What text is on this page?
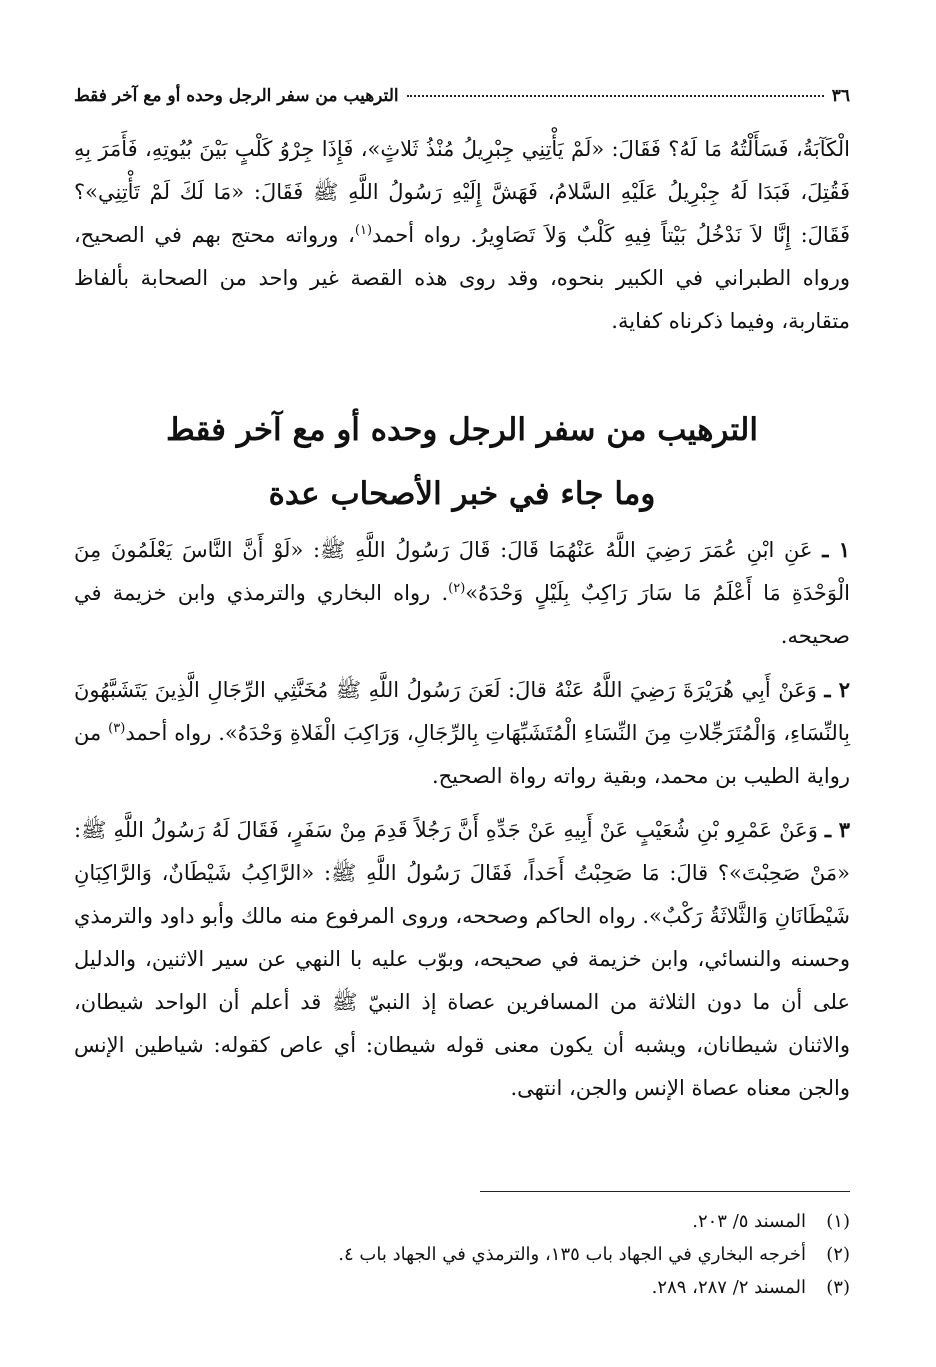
٣٦
الترهيب من سفر الرجل وحده أو مع آخر فقط
الْكَآبَةُ، فَسَأَلْتُهُ مَا لَهُ؟ فَقَالَ: «لَمْ يَأْتِنِي جِبْرِيلُ مُنْذُ ثَلاثٍ»، فَإِذَا جِرْوُ كَلْبٍ بَيْنَ بُيُوتِهِ، فَأَمَرَ بِهِ فَقُتِلَ، فَبَدَا لَهُ جِبْرِيلُ عَلَيْهِ السَّلامُ، فَهَشَّ إِلَيْهِ رَسُولُ اللَّهِ ﷺ فَقَالَ: «مَا لَكَ لَمْ تَأْتِنِي»؟ فَقَالَ: إِنَّا لاَ نَدْخُلُ بَيْتاً فِيهِ كَلْبٌ وَلاَ تَصَاوِيرُ. رواه أحمد$^{(١)}$، ورواته محتج بهم في الصحيح، ورواه الطبراني في الكبير بنحوه، وقد روى هذه القصة غير واحد من الصحابة بألفاظ متقاربة، وفيما ذكرناه كفاية.
الترهيب من سفر الرجل وحده أو مع آخر فقط
وما جاء في خبر الأصحاب عدة
١ ـ عَنِ ابْنِ عُمَرَ رَضِيَ اللَّهُ عَنْهُمَا قَالَ: قَالَ رَسُولُ اللَّهِ ﷺ: «لَوْ أَنَّ النَّاسَ يَعْلَمُونَ مِنَ الْوَحْدَةِ مَا أَعْلَمُ مَا سَارَ رَاكِبٌ بِلَيْلٍ وَحْدَهُ»$^{(٢)}$. رواه البخاري والترمذي وابن خزيمة في صحيحه.
٢ ـ وَعَنْ أَبِي هُرَيْرَةَ رَضِيَ اللَّهُ عَنْهُ قالَ: لَعَنَ رَسُولُ اللَّهِ ﷺ مُخَنَّثِي الرِّجَالِ الَّذِينَ يَتَشَبَّهُونَ بِالنِّسَاءِ، وَالْمُتَرَجِّلاتِ مِنَ النِّسَاءِ الْمُتَشَبِّهَاتِ بِالرِّجَالِ، وَرَاكِبَ الْفَلاةِ وَحْدَهُ». رواه أحمد$^{(٣)}$ من رواية الطيب بن محمد، وبقية رواته رواة الصحيح.
٣ ـ وَعَنْ عَمْرِو بْنِ شُعَيْبٍ عَنْ أَبِيهِ عَنْ جَدِّهِ أَنَّ رَجُلاً قَدِمَ مِنْ سَفَرٍ، فَقَالَ لَهُ رَسُولُ اللَّهِ ﷺ: «مَنْ صَحِبْتَ»؟ قالَ: مَا صَحِبْتُ أَحَداً، فَقَالَ رَسُولُ اللَّهِ ﷺ: «الرَّاكِبُ شَيْطَانٌ، وَالرَّاكِبَانِ شَيْطَانَانِ وَالثَّلاثَةُ رَكْبٌ». رواه الحاكم وصححه، وروى المرفوع منه مالك وأبو داود والترمذي وحسنه والنسائي، وابن خزيمة في صحيحه، وبوّب عليه با النهي عن سير الاثنين، والدليل على أن ما دون الثلاثة من المسافرين عصاة إذ النبيّ ﷺ قد أعلم أن الواحد شيطان، والاثنان شيطانان، ويشبه أن يكون معنى قوله شيطان: أي عاص كقوله: شياطين الإنس والجن معناه عصاة الإنس والجن، انتهى.
(١)
المسند ٥/ ٢٠٣.
(٢)
أخرجه البخاري في الجهاد باب ١٣٥، والترمذي في الجهاد باب ٤.
(٣)
المسند ٢/ ٢٨٧، ٢٨٩.
